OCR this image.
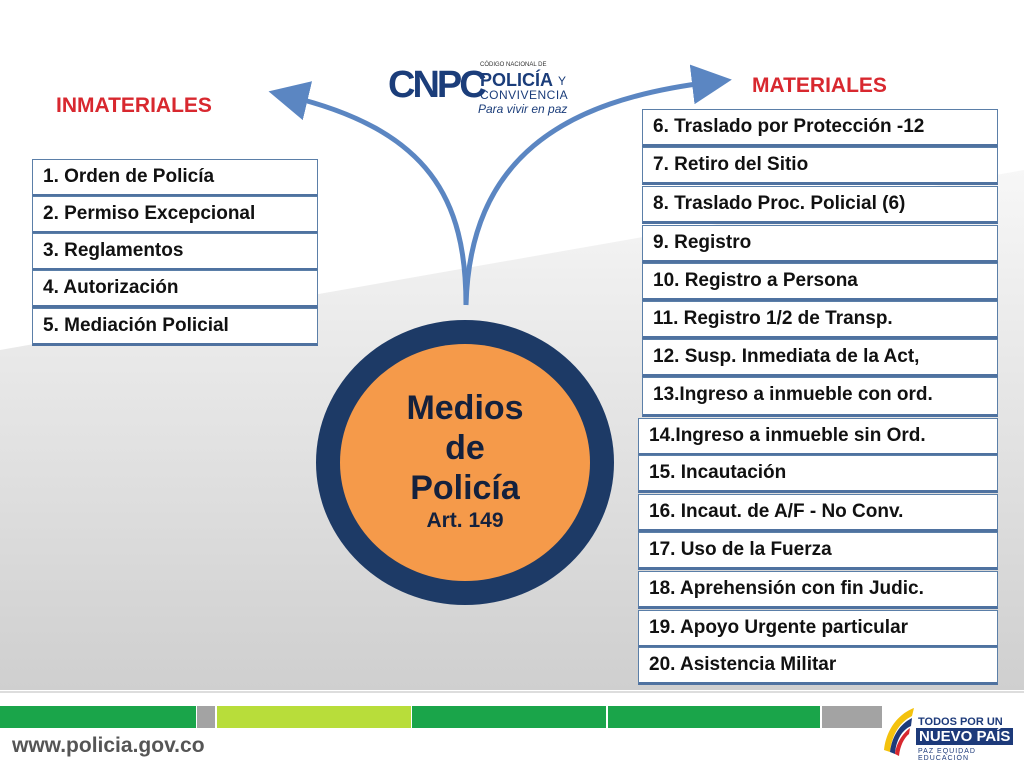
CNPC
CÓDIGO NACIONAL DE
POLICÍA Y
CONVIVENCIA
Para vivir en paz
INMATERIALES
MATERIALES
1. Orden de Policía
2. Permiso Excepcional
3. Reglamentos
4. Autorización
5. Mediación Policial
6. Traslado por Protección -12
7. Retiro del Sitio
8. Traslado Proc. Policial (6)
9. Registro
10. Registro a Persona
11. Registro 1/2 de Transp.
12. Susp. Inmediata de la Act,
13.Ingreso a inmueble con ord.
14.Ingreso a inmueble sin Ord.
15. Incautación
16. Incaut. de A/F - No Conv.
17. Uso de la Fuerza
18. Aprehensión con fin Judic.
19. Apoyo Urgente particular
20. Asistencia Militar
Medios
de
Policía
Art. 149
www.policia.gov.co
TODOS POR UN
NUEVO PAÍS
PAZ EQUIDAD EDUCACIÓN
